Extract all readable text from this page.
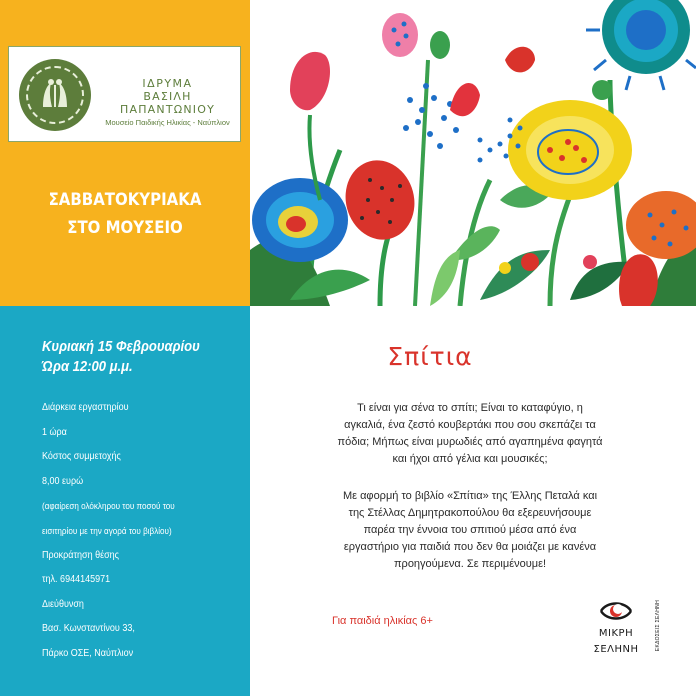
ΙΔΡΥΜΑ
ΒΑΣΙΛΗ ΠΑΠΑΝΤΩΝΙΟΥ
Μουσείο Παιδικής Ηλικίας - Ναύπλιον
ΣΑΒΒΑΤΟΚΥΡΙΑΚΑ
ΣΤΟ ΜΟΥΣΕΙΟ
Κυριακή 15 Φεβρουαρίου
Ώρα 12:00 μ.μ.
Διάρκεια εργαστηρίου
1 ώρα
Κόστος συμμετοχής
8,00 ευρώ
(αφαίρεση ολόκληρου του ποσού του
εισιτηρίου με την αγορά του βιβλίου)
Προκράτηση θέσης
τηλ. 6944145971
Διεύθυνση
Βασ. Κωνσταντίνου 33,
Πάρκο ΟΣΕ, Ναύπλιον
Σπίτια

Τι είναι για σένα το σπίτι; Είναι το καταφύγιο, η

αγκαλιά, ένα ζεστό κουβερτάκι που σου σκεπάζει τα

πόδια; Μήπως είναι μυρωδιές από αγαπημένα φαγητά

και ήχοι από γέλια και μουσικές;

Με αφορμή το βιβλίο «Σπίτια» της Έλλης Πεταλά και

της Στέλλας Δημητρακοπούλου θα εξερευνήσουμε

παρέα την έννοια του σπιτιού μέσα από ένα

εργαστήριο για παιδιά που δεν θα μοιάζει με κανένα

προηγούμενα. Σε περιμένουμε!

Για παιδιά ηλικίας 6+
ΜΙΚΡΗ
ΣΕΛΗΝΗ	ΕΚΔΟΣΕΙΣ ΣΕΛΗΝΗ
